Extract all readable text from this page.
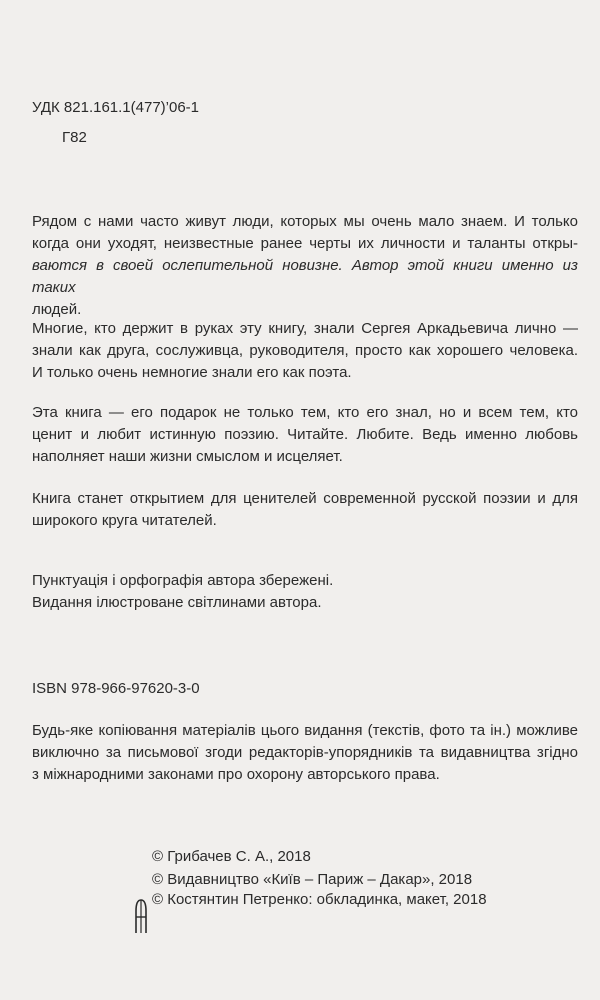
УДК 821.161.1(477)’06-1
Г82
Рядом с нами часто живут люди, которых мы очень мало знаем. И только
когда они уходят, неизвестные ранее черты их личности и таланты откры-
ваются в своей ослепительной новизне. Автор этой книги именно из таких
людей.
Многие, кто держит в руках эту книгу, знали Сергея Аркадьевича лично —
знали как друга, сослуживца, руководителя, просто как хорошего человека.
И только очень немногие знали его как поэта.
Эта книга — его подарок не только тем, кто его знал, но и всем тем, кто
ценит и любит истинную поэзию. Читайте. Любите. Ведь именно любовь
наполняет наши жизни смыслом и исцеляет.
Книга станет открытием для ценителей современной русской поэзии и для
широкого круга читателей.
Пунктуація і орфографія автора збережені.
Видання ілюстроване світлинами автора.
ISBN 978-966-97620-3-0
Будь-яке копіювання матеріалів цього видання (текстів, фото та ін.) можливе
виключно за письмової згоди редакторів-упорядників та видавництва згідно
з міжнародними законами про охорону авторського права.
© Грибачев С. А., 2018
© Видавництво «Київ – Париж – Дакар», 2018
© Костянтин Петренко: обкладинка, макет, 2018
